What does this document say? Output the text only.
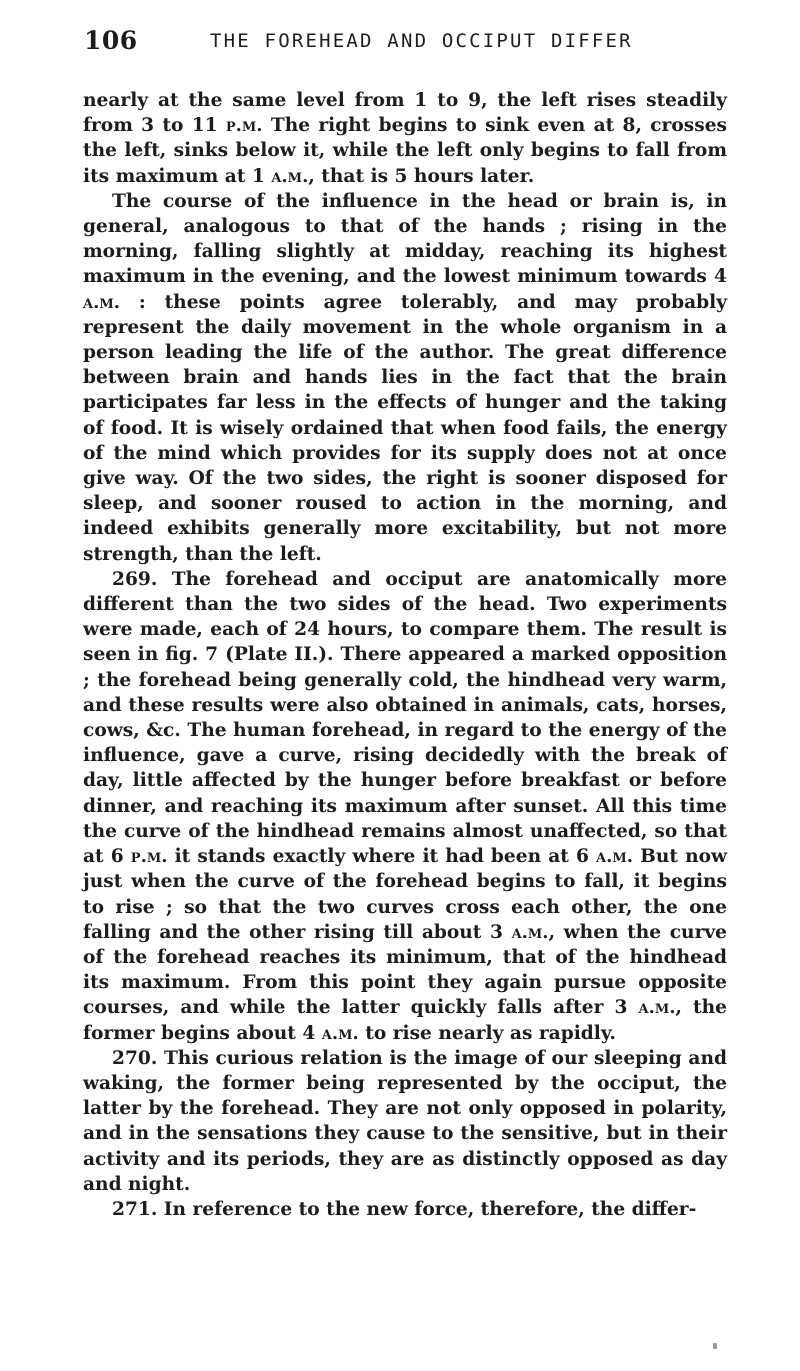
106	THE FOREHEAD AND OCCIPUT DIFFER

nearly at the same level from 1 to 9, the left rises steadily from 3 to 11 p.m. The right begins to sink even at 8, crosses the left, sinks below it, while the left only begins to fall from its maximum at 1 a.m., that is 5 hours later.

The course of the influence in the head or brain is, in general, analogous to that of the hands ; rising in the morning, falling slightly at midday, reaching its highest maximum in the evening, and the lowest minimum towards 4 a.m. : these points agree tolerably, and may probably represent the daily movement in the whole organism in a person leading the life of the author. The great difference between brain and hands lies in the fact that the brain participates far less in the effects of hunger and the taking of food. It is wisely ordained that when food fails, the energy of the mind which provides for its supply does not at once give way. Of the two sides, the right is sooner disposed for sleep, and sooner roused to action in the morning, and indeed exhibits generally more excitability, but not more strength, than the left.

269. The forehead and occiput are anatomically more different than the two sides of the head. Two experiments were made, each of 24 hours, to compare them. The result is seen in fig. 7 (Plate II.). There appeared a marked opposition ; the forehead being generally cold, the hindhead very warm, and these results were also obtained in animals, cats, horses, cows, &c. The human forehead, in regard to the energy of the influence, gave a curve, rising decidedly with the break of day, little affected by the hunger before breakfast or before dinner, and reaching its maximum after sunset. All this time the curve of the hindhead remains almost unaffected, so that at 6 p.m. it stands exactly where it had been at 6 a.m. But now just when the curve of the forehead begins to fall, it begins to rise ; so that the two curves cross each other, the one falling and the other rising till about 3 a.m., when the curve of the forehead reaches its minimum, that of the hindhead its maximum. From this point they again pursue opposite courses, and while the latter quickly falls after 3 a.m., the former begins about 4 a.m. to rise nearly as rapidly.

270. This curious relation is the image of our sleeping and waking, the former being represented by the occiput, the latter by the forehead. They are not only opposed in polarity, and in the sensations they cause to the sensitive, but in their activity and its periods, they are as distinctly opposed as day and night.

271. In reference to the new force, therefore, the differ-
